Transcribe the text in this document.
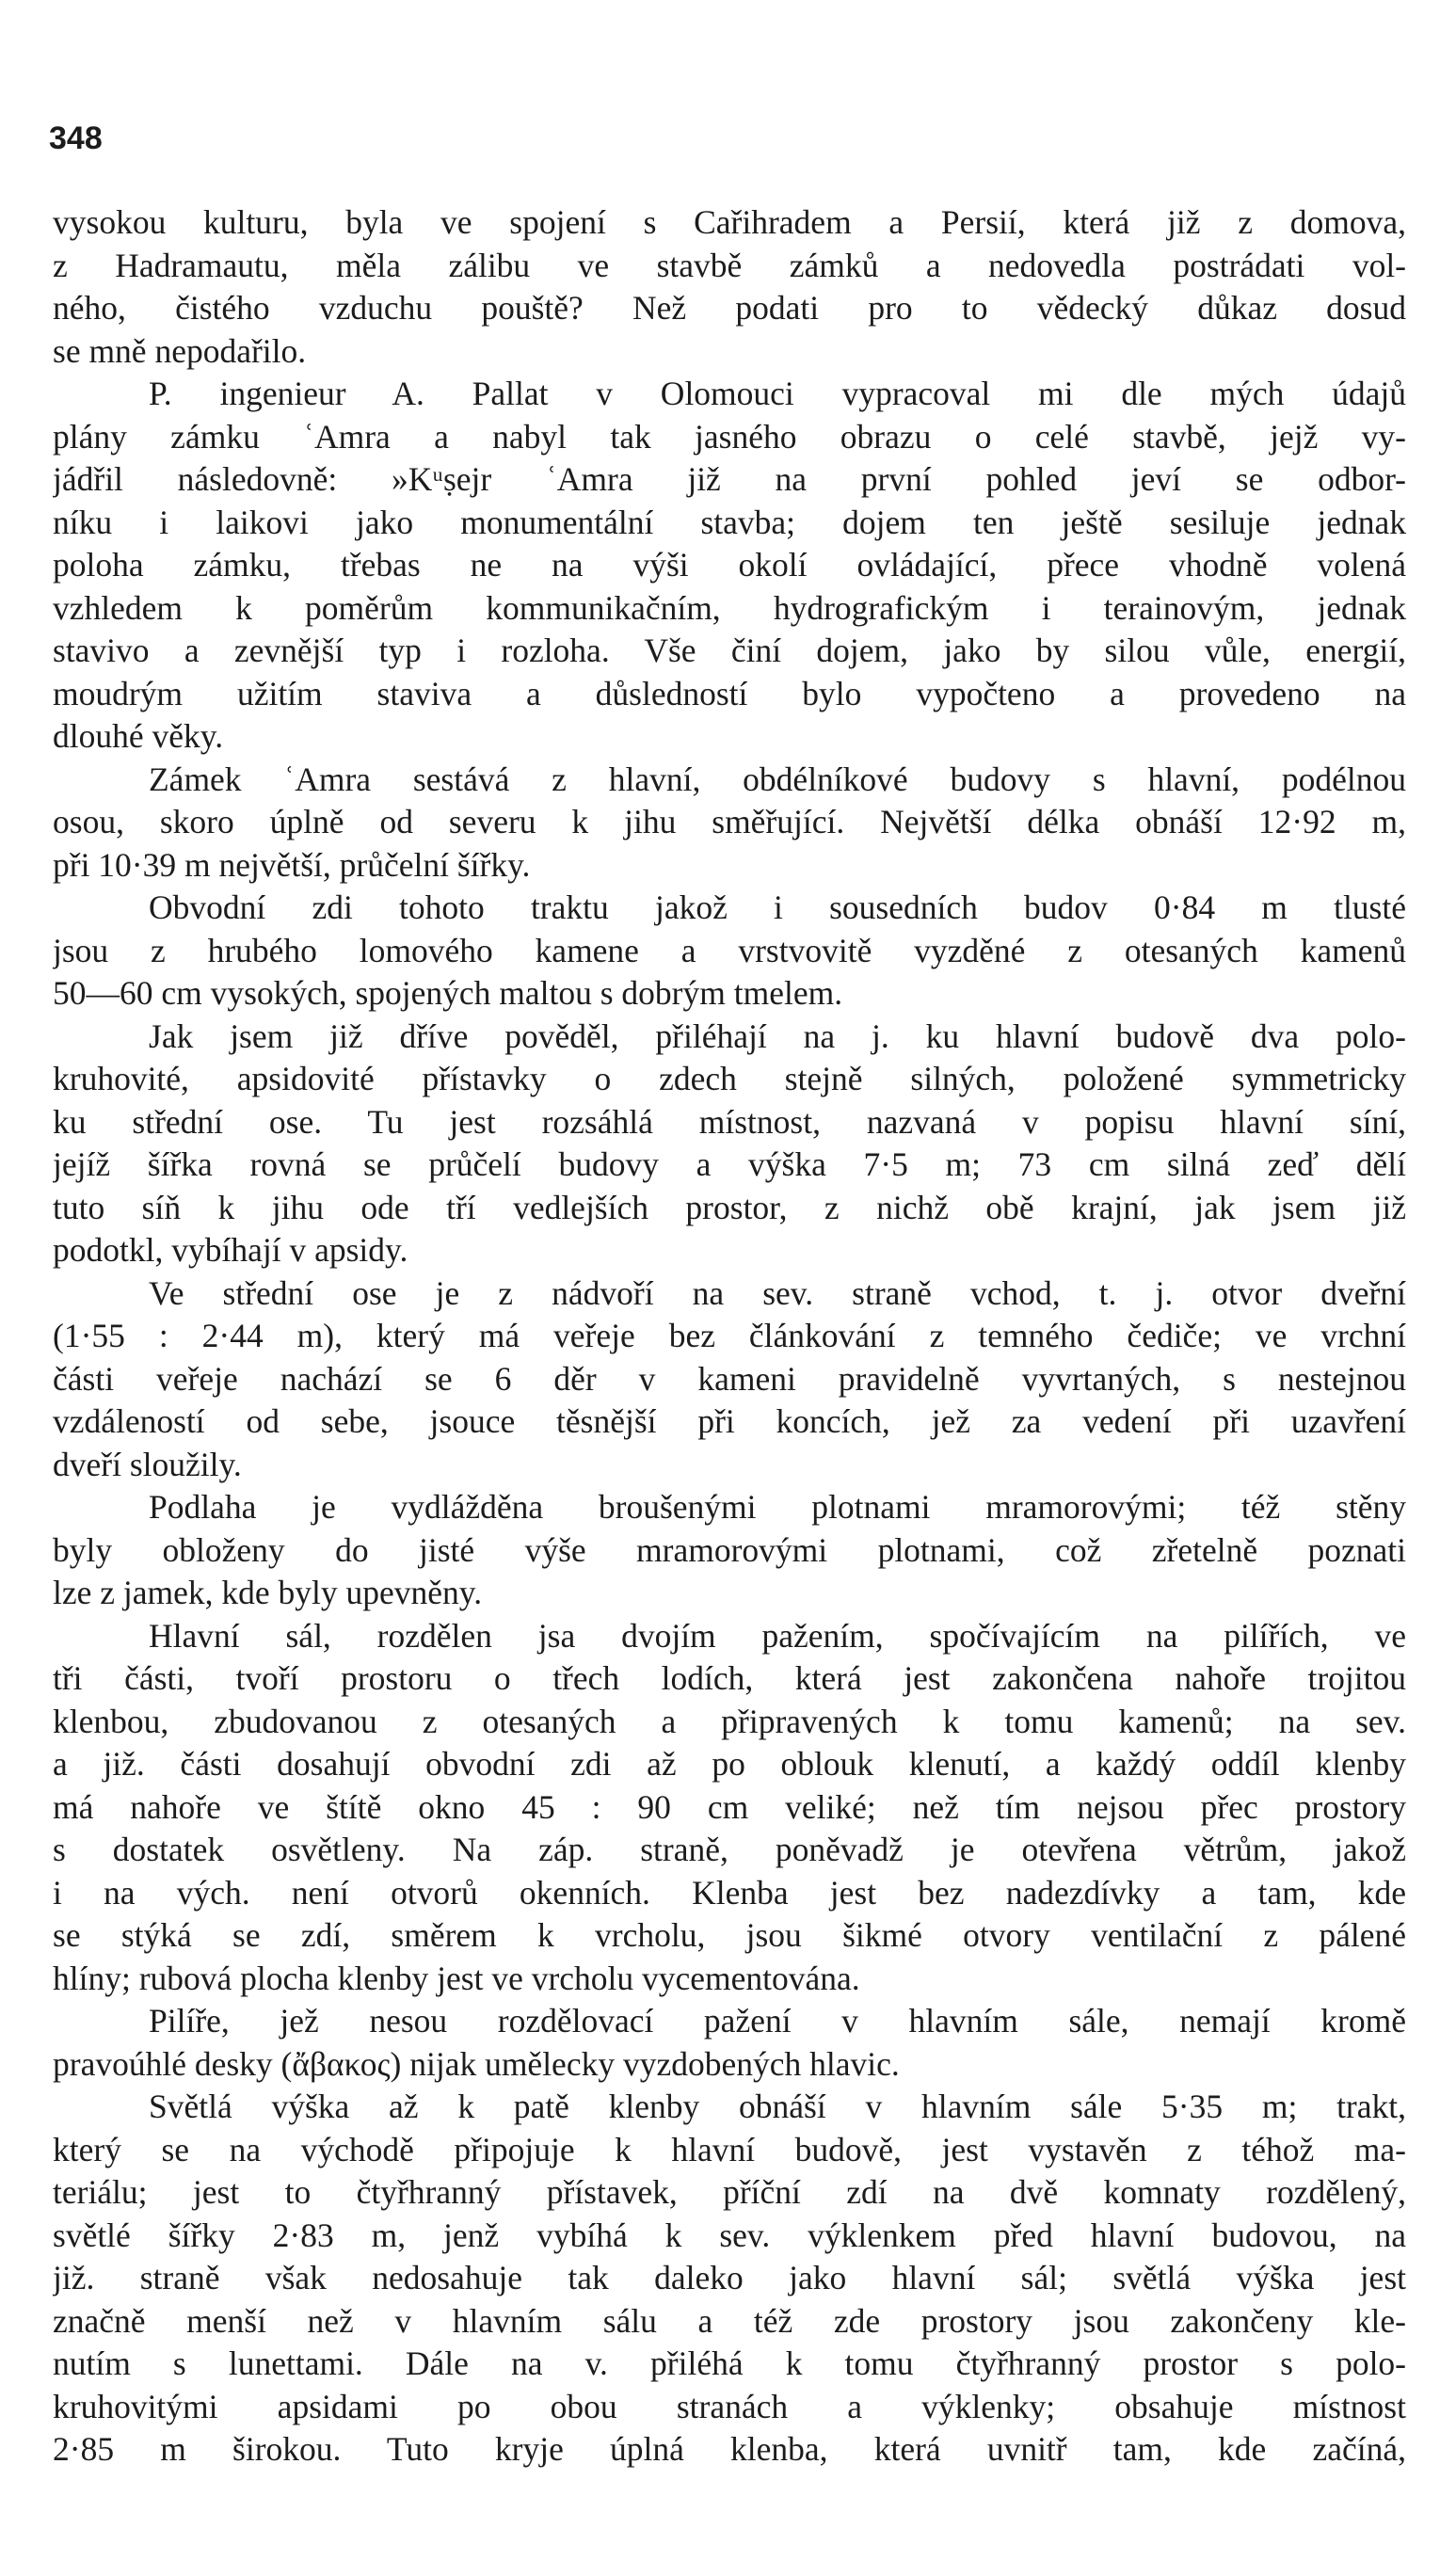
348
vysokou kulturu, byla ve spojení s Cařihradem a Persií, která již z domova,
z Hadramautu, měla zálibu ve stavbě zámků a nedovedla postrádati vol-
ného, čistého vzduchu pouště? Než podati pro to vědecký důkaz dosud
se mně nepodařilo.
P. ingenieur A. Pallat v Olomouci vypracoval mi dle mých údajů
plány zámku ʿAmra a nabyl tak jasného obrazu o celé stavbě, jejž vy-
jádřil následovně: »Kᵘṣejr ʿAmra již na první pohled jeví se odbor-
níku i laikovi jako monumentální stavba; dojem ten ještě sesiluje jednak
poloha zámku, třebas ne na výši okolí ovládající, přece vhodně volená
vzhledem k poměrům kommunikačním, hydrografickým i terainovým, jednak
stavivo a zevnější typ i rozloha. Vše činí dojem, jako by silou vůle, energií,
moudrým užitím staviva a důsledností bylo vypočteno a provedeno na
dlouhé věky.
Zámek ʿAmra sestává z hlavní, obdélníkové budovy s hlavní, podélnou
osou, skoro úplně od severu k jihu směřující. Největší délka obnáší 12·92 m,
při 10·39 m největší, průčelní šířky.
Obvodní zdi tohoto traktu jakož i sousedních budov 0·84 m tlusté
jsou z hrubého lomového kamene a vrstvovitě vyzděné z otesaných kamenů
50—60 cm vysokých, spojených maltou s dobrým tmelem.
Jak jsem již dříve pověděl, přiléhají na j. ku hlavní budově dva polo-
kruhovité, apsidovité přístavky o zdech stejně silných, položené symmetricky
ku střední ose. Tu jest rozsáhlá místnost, nazvaná v popisu hlavní síní,
jejíž šířka rovná se průčelí budovy a výška 7·5 m; 73 cm silná zeď dělí
tuto síň k jihu ode tří vedlejších prostor, z nichž obě krajní, jak jsem již
podotkl, vybíhají v apsidy.
Ve střední ose je z nádvoří na sev. straně vchod, t. j. otvor dveřní
(1·55 : 2·44 m), který má veřeje bez článkování z temného čediče; ve vrchní
části veřeje nachází se 6 děr v kameni pravidelně vyvrtaných, s nestejnou
vzdáleností od sebe, jsouce těsnější při koncích, jež za vedení při uzavření
dveří sloužily.
Podlaha je vydlážděna broušenými plotnami mramorovými; též stěny
byly obloženy do jisté výše mramorovými plotnami, což zřetelně poznati
lze z jamek, kde byly upevněny.
Hlavní sál, rozdělen jsa dvojím pažením, spočívajícím na pilířích, ve
tři části, tvoří prostoru o třech lodích, která jest zakončena nahoře trojitou
klenbou, zbudovanou z otesaných a připravených k tomu kamenů; na sev.
a již. části dosahují obvodní zdi až po oblouk klenutí, a každý oddíl klenby
má nahoře ve štítě okno 45 : 90 cm veliké; než tím nejsou přec prostory
s dostatek osvětleny. Na záp. straně, poněvadž je otevřena větrům, jakož
i na vých. není otvorů okenních. Klenba jest bez nadezdívky a tam, kde
se stýká se zdí, směrem k vrcholu, jsou šikmé otvory ventilační z pálené
hlíny; rubová plocha klenby jest ve vrcholu vycementována.
Pilíře, jež nesou rozdělovací pažení v hlavním sále, nemají kromě
pravoúhlé desky (ἄβακος) nijak umělecky vyzdobených hlavic.
Světlá výška až k patě klenby obnáší v hlavním sále 5·35 m; trakt,
který se na východě připojuje k hlavní budově, jest vystavěn z téhož ma-
teriálu; jest to čtyřhranný přístavek, příční zdí na dvě komnaty rozdělený,
světlé šířky 2·83 m, jenž vybíhá k sev. výklenkem před hlavní budovou, na
již. straně však nedosahuje tak daleko jako hlavní sál; světlá výška jest
značně menší než v hlavním sálu a též zde prostory jsou zakončeny kle-
nutím s lunettami. Dále na v. přiléhá k tomu čtyřhranný prostor s polo-
kruhovitými apsidami po obou stranách a výklenky; obsahuje místnost
2·85 m širokou. Tuto kryje úplná klenba, která uvnitř tam, kde začíná,
